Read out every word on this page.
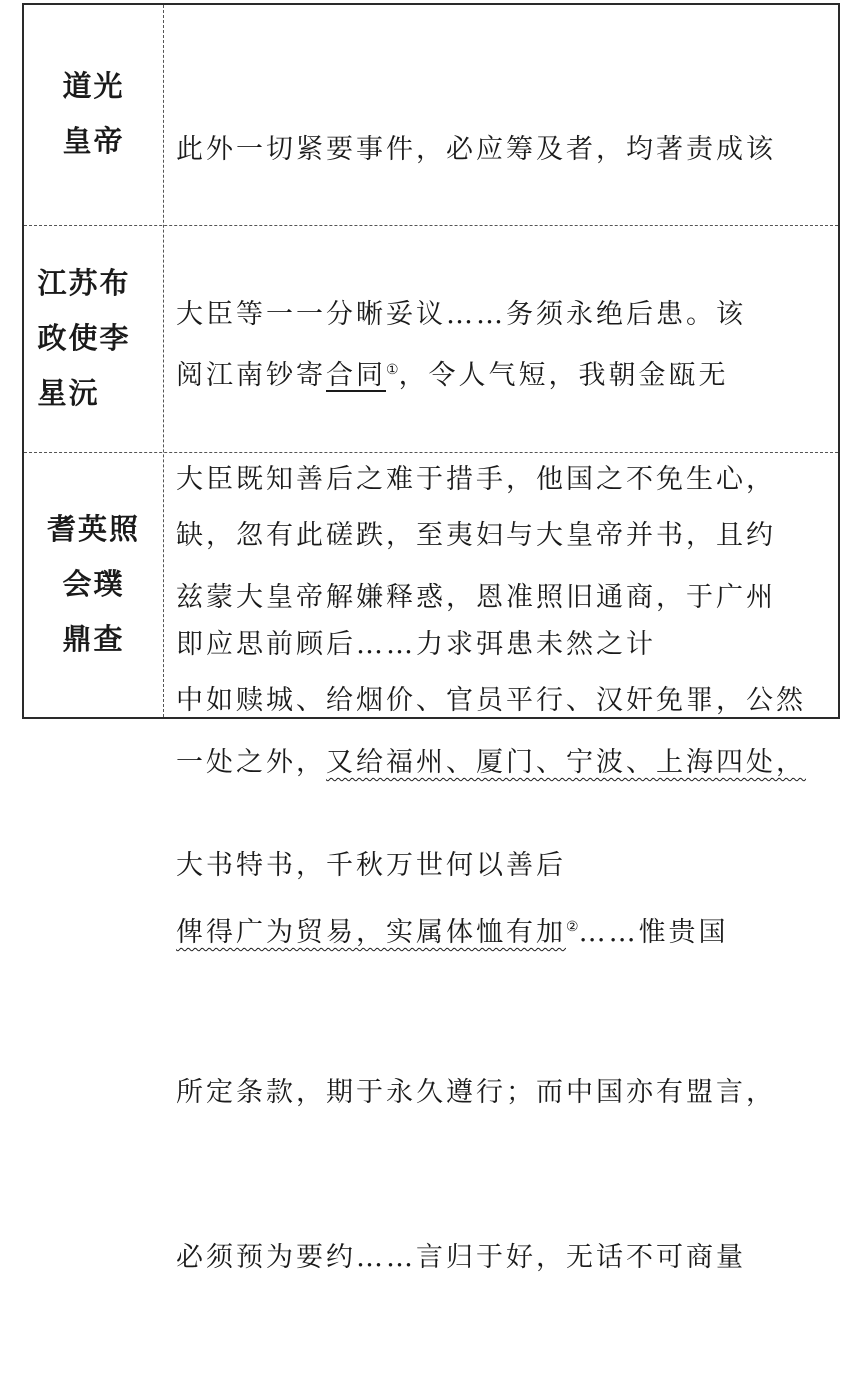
道光
皇帝

此外一切紧要事件，必应筹及者，均著责成该

大臣等一一分晰妥议……务须永绝后患。该

大臣既知善后之难于措手，他国之不免生心，

即应思前顾后……力求弭患未然之计

江苏布
政使李
星沅

	阅江南钞寄合同①，令人气短，我朝金瓯无

缺，忽有此磋跌，至夷妇与大皇帝并书，且约

中如赎城、给烟价、官员平行、汉奸免罪，公然

大书特书，千秋万世何以善后

耆英照
会璞
鼎查

兹蒙大皇帝解嫌释惑，恩准照旧通商，于广州

一处之外，又给福州、厦门、宁波、上海四处，

俾得广为贸易，实属体恤有加②……惟贵国

所定条款，期于永久遵行；而中国亦有盟言，

必须预为要约……言归于好，无话不可商量
